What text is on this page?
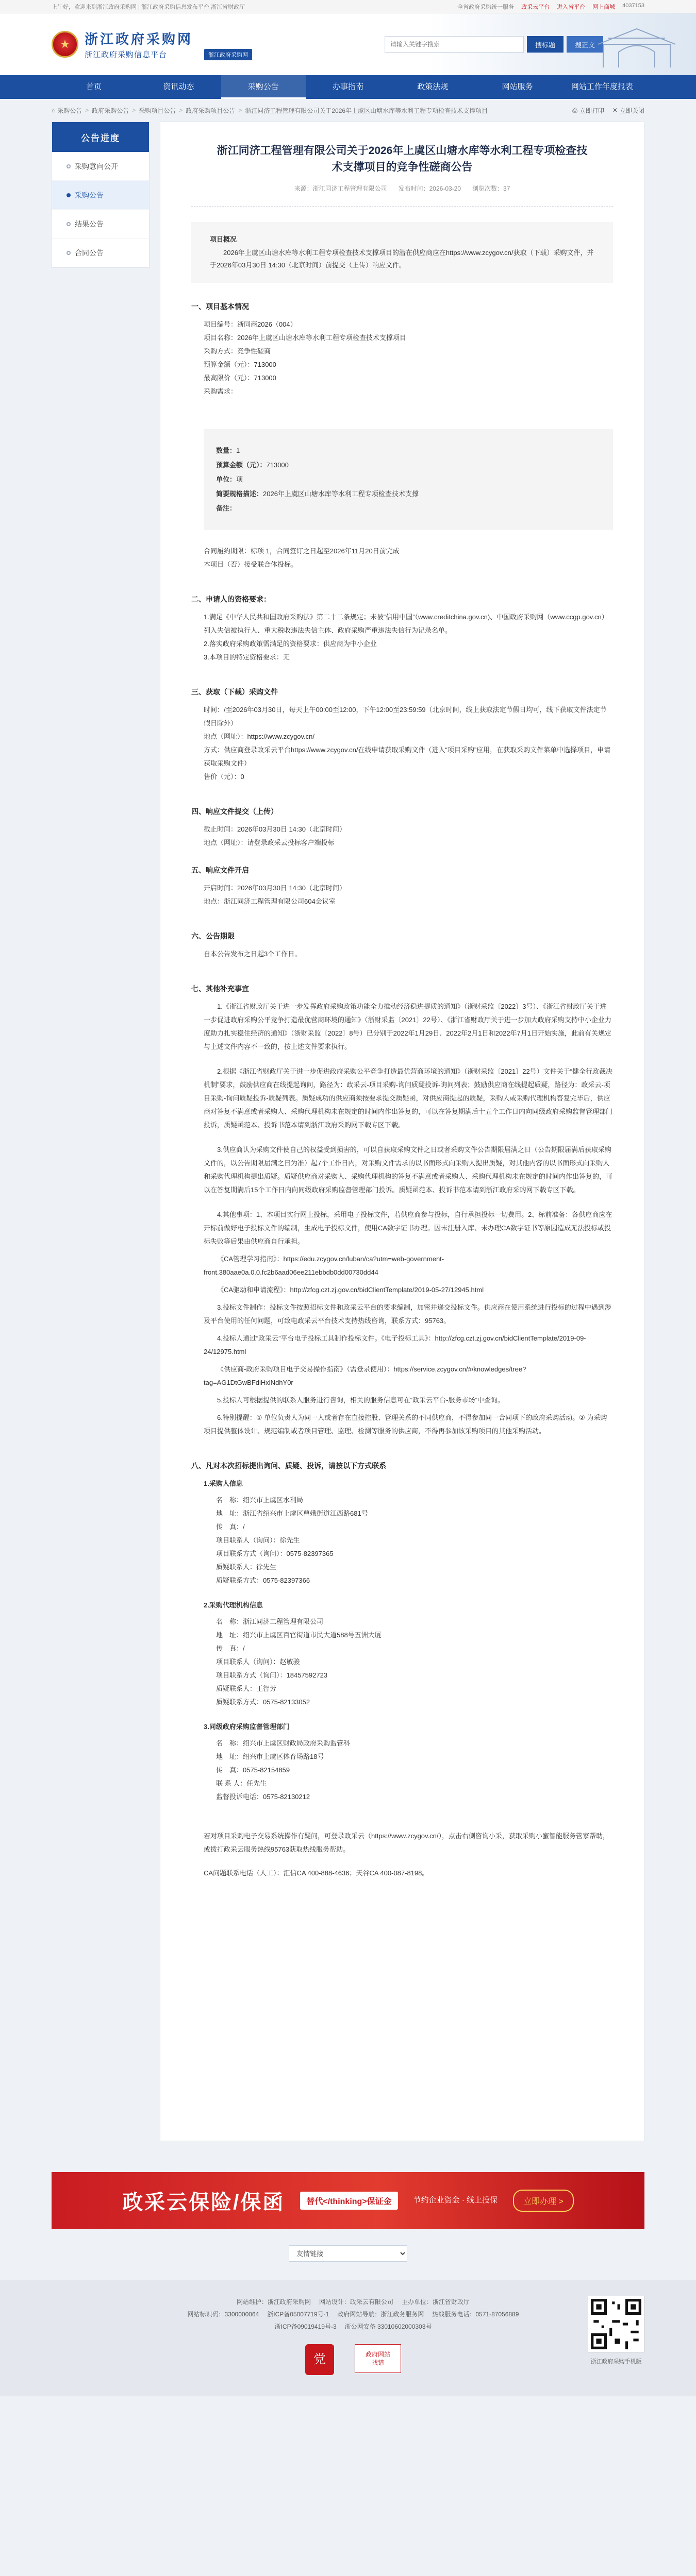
上午好，欢迎来到浙江政府采购网 | 浙江政府采购信息发布平台 浙江省财政厅	全省政府采购统一服务 政采云平台 进入省平台 网上商城 4037153
★	浙江政府采购网
浙江政府采购信息平台	浙江政府采购网
请输入关键字搜索
搜标题	搜正文
首页	资讯动态	采购公告	办事指南	政策法规	网站服务	网站工作年度报表
⌂ 采购公告 > 政府采购公告 > 采购项目公告 > 政府采购项目公告 > 浙江同济工程管理有限公司关于2026年上虞区山塘水库等水利工程专项检查技术支撑项目	⎙ 立即打印 ✕ 立即关闭
公告进度
采购意向公开
采购公告
结果公告
合同公告
浙江同济工程管理有限公司关于2026年上虞区山塘水库等水利工程专项检查技术支撑项目的竞争性磋商公告
来源：浙江同济工程管理有限公司 发布时间：2026-03-20 浏览次数：37
项目概况
2026年上虞区山塘水库等水利工程专项检查技术支撑项目的潜在供应商应在https://www.zcygov.cn/获取（下载）采购文件，并于2026年03月30日 14:30（北京时间）前提交（上传）响应文件。
一、项目基本情况
项目编号：浙同商2026（004）
项目名称：2026年上虞区山塘水库等水利工程专项检查技术支撑项目
采购方式：竞争性磋商
预算金额（元）：713000
最高限价（元）：713000
采购需求：
数量：1
预算金额（元）：713000
单位：项
简要规格描述：2026年上虞区山塘水库等水利工程专项检查技术支撑
备注：
合同履约期限：标项 1，合同签订之日起至2026年11月20日前完成
本项目（否）接受联合体投标。
二、申请人的资格要求：
1.满足《中华人民共和国政府采购法》第二十二条规定；未被“信用中国”（www.creditchina.gov.cn)、中国政府采购网（www.ccgp.gov.cn）列入失信被执行人、重大税收违法失信主体、政府采购严重违法失信行为记录名单。
2.落实政府采购政策需满足的资格要求：供应商为中小企业
3.本项目的特定资格要求：无
三、获取（下载）采购文件
时间：/至2026年03月30日，每天上午00:00至12:00，下午12:00至23:59:59（北京时间，线上获取法定节假日均可，线下获取文件法定节假日除外）
地点（网址）：https://www.zcygov.cn/
方式：供应商登录政采云平台https://www.zcygov.cn/在线申请获取采购文件（进入“项目采购”应用，在获取采购文件菜单中选择项目，申请获取采购文件）
售价（元）：0
四、响应文件提交（上传）
截止时间：2026年03月30日 14:30（北京时间）
地点（网址）：请登录政采云投标客户端投标
五、响应文件开启
开启时间：2026年03月30日 14:30（北京时间）
地点：浙江同济工程管理有限公司604会议室
六、公告期限
自本公告发布之日起3个工作日。
七、其他补充事宜
1.《浙江省财政厅关于进一步发挥政府采购政策功能全力推动经济稳进提质的通知》（浙财采监〔2022〕3号）、《浙江省财政厅关于进一步促进政府采购公平竞争打造最优营商环境的通知》（浙财采监〔2021〕22号）、《浙江省财政厅关于进一步加大政府采购支持中小企业力度助力扎实稳住经济的通知》（浙财采监〔2022〕8号）已分别于2022年1月29日、2022年2月1日和2022年7月1日开始实施，此前有关规定与上述文件内容不一致的，按上述文件要求执行。
2.根据《浙江省财政厅关于进一步促进政府采购公平竞争打造最优营商环境的通知》（浙财采监〔2021〕22号）文件关于“健全行政裁决机制”要求，鼓励供应商在线提起询问，路径为：政采云-项目采购-询问质疑投诉-询问列表；鼓励供应商在线提起质疑，路径为：政采云-项目采购-询问质疑投诉-质疑列表。质疑成功的供应商须按要求提交质疑函，对供应商提起的质疑，采购人或采购代理机构答复完毕后，供应商对答复不满意或者采购人、采购代理机构未在规定的时间内作出答复的，可以在答复期满后十五个工作日内向同级政府采购监督管理部门投诉，质疑函范本、投诉书范本请到浙江政府采购网下载专区下载。
3.供应商认为采购文件使自己的权益受到损害的，可以自获取采购文件之日或者采购文件公告期限届满之日（公告期限届满后获取采购文件的，以公告期限届满之日为准）起7个工作日内，对采购文件需求的以书面形式向采购人提出质疑，对其他内容的以书面形式向采购人和采购代理机构提出质疑。质疑供应商对采购人、采购代理机构的答复不满意或者采购人、采购代理机构未在规定的时间内作出答复的，可以在答复期满后15个工作日内向同级政府采购监督管理部门投诉。质疑函范本、投诉书范本请到浙江政府采购网下载专区下载。
4.其他事项：1、本项目实行网上投标，采用电子投标文件，若供应商参与投标，自行承担投标一切费用。2、标前准备：各供应商应在开标前做好电子投标文件的编制，生成电子投标文件，使用CA数字证书办理。因未注册入库、未办理CA数字证书等原因造成无法投标或投标失败等后果由供应商自行承担。
《CA管理学习指南》：https://edu.zcygov.cn/luban/ca?utm=web-government-front.380aae0a.0.0.fc2b6aad06ee211ebbdb0dd00730dd44
《CA驱动和申请流程》：http://zfcg.czt.zj.gov.cn/bidClientTemplate/2019-05-27/12945.html
3.投标文件制作：投标文件按照招标文件和政采云平台的要求编制，加密并递交投标文件。供应商在使用系统进行投标的过程中遇到涉及平台使用的任何问题，可致电政采云平台技术支持热线咨询，联系方式：95763。
4.投标人通过“政采云”平台电子投标工具制作投标文件。《电子投标工具》：http://zfcg.czt.zj.gov.cn/bidClientTemplate/2019-09-24/12975.html
《供应商-政府采购项目电子交易操作指南》（需登录使用）：https://service.zcygov.cn/#/knowledges/tree?tag=AG1DtGwBFdiHxlNdhY0r
5.投标人可根据提供的联系人服务进行咨询，相关的服务信息可在“政采云平台-服务市场”中查询。
6.特别提醒：① 单位负责人为同一人或者存在直接控股、管理关系的不同供应商，不得参加同一合同项下的政府采购活动。② 为采购项目提供整体设计、规范编制或者项目管理、监理、检测等服务的供应商，不得再参加该采购项目的其他采购活动。
八、凡对本次招标提出询问、质疑、投诉，请按以下方式联系
1.采购人信息
名　称：绍兴市上虞区水利局
地　址：浙江省绍兴市上虞区曹娥街道江西路681号
传　真：/
项目联系人（询问）：徐先生
项目联系方式（询问）：0575-82397365
质疑联系人：徐先生
质疑联系方式：0575-82397366
2.采购代理机构信息
名　称：浙江同济工程管理有限公司
地　址：绍兴市上虞区百官街道市民大道588号五洲大厦
传　真：/
项目联系人（询问）：赵敏骏
项目联系方式（询问）：18457592723
质疑联系人：王智芳
质疑联系方式：0575-82133052
3.同级政府采购监督管理部门
名　称：绍兴市上虞区财政局政府采购监管科
地　址：绍兴市上虞区体育场路18号
传　真：0575-82154859
联 系 人：任先生
监督投诉电话：0575-82130212
若对项目采购电子交易系统操作有疑问，可登录政采云（https://www.zcygov.cn/），点击右侧咨询小采，获取采购小蜜智能服务管家帮助，或拨打政采云服务热线95763获取热线服务帮助。
CA问题联系电话（人工）：汇信CA 400-888-4636；天谷CA 400-087-8198。
政采云保险/保函	替代</thinking>保证金	节约企业资金 · 线上投保	立即办理 >
友情链接
网站维护：浙江政府采购网 网站设计：政采云有限公司 主办单位：浙江省财政厅
网站标识码：3300000064 浙ICP备05007719号-1 政府网站导航：浙江政务服务网 热线服务电话：0571-87056889
浙ICP备09019419号-3 浙公网安备 33010602000303号
党	政府网站
找错	浙江政府采购手机版
